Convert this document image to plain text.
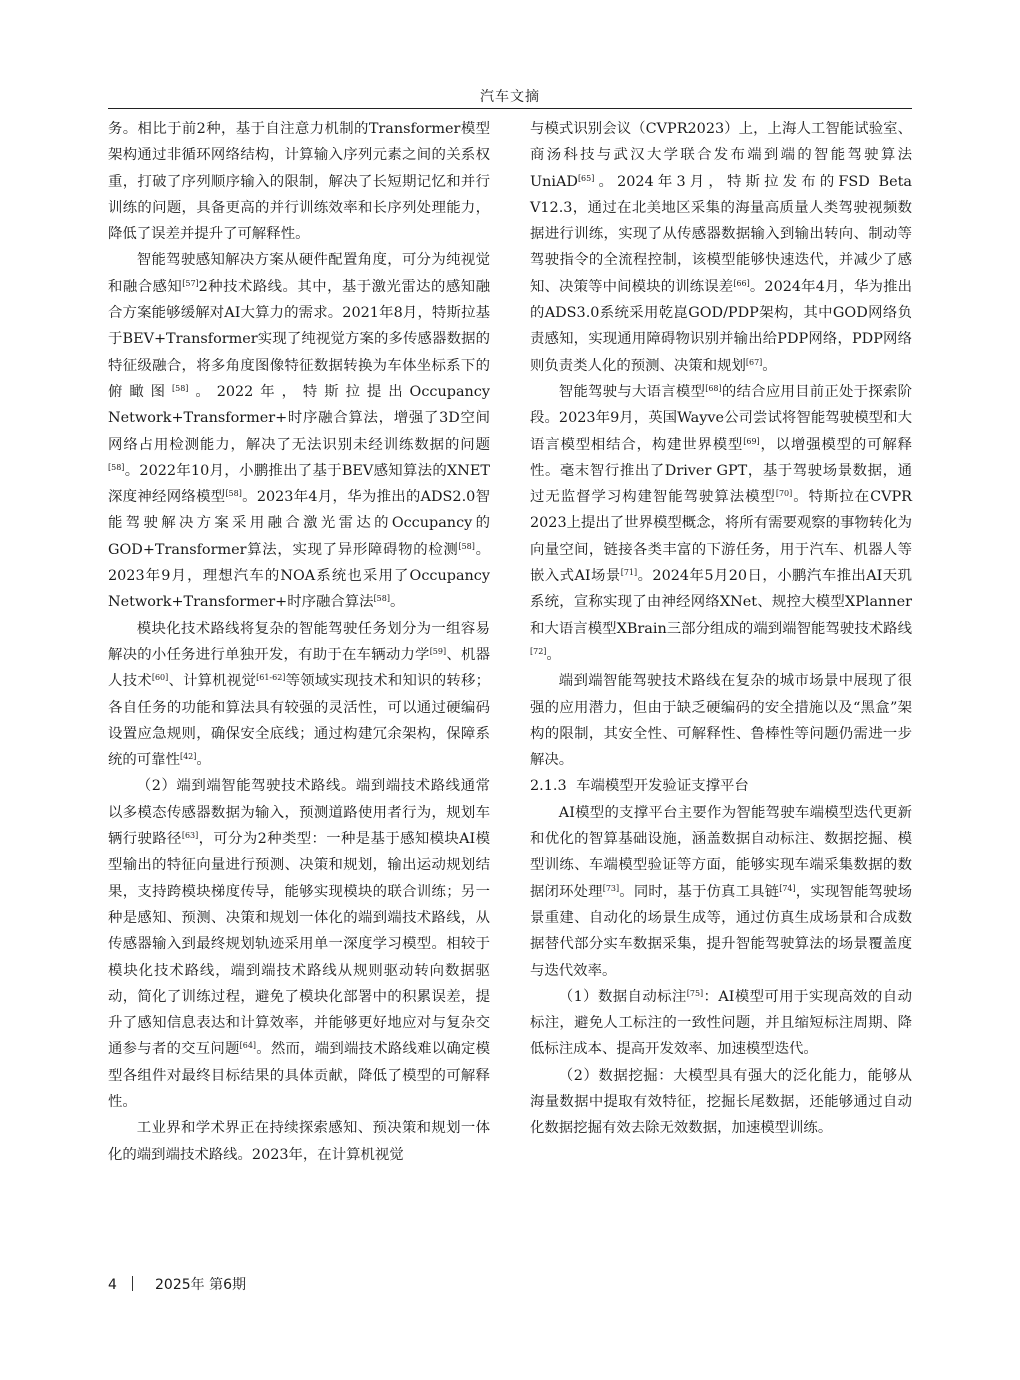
汽车文摘

务。相比于前2种，基于自注意力机制的Transformer模型架构通过非循环网络结构，计算输入序列元素之间的关系权重，打破了序列顺序输入的限制，解决了长短期记忆和并行训练的问题，具备更高的并行训练效率和长序列处理能力，降低了误差并提升了可解释性。

智能驾驶感知解决方案从硬件配置角度，可分为纯视觉和融合感知[57]2种技术路线。其中，基于激光雷达的感知融合方案能够缓解对AI大算力的需求。2021年8月，特斯拉基于BEV+Transformer实现了纯视觉方案的多传感器数据的特征级融合，将多角度图像特征数据转换为车体坐标系下的俯瞰图[58]。2022年，特斯拉提出Occupancy Network+Transformer+时序融合算法，增强了3D空间网络占用检测能力，解决了无法识别未经训练数据的问题[58]。2022年10月，小鹏推出了基于BEV感知算法的XNET深度神经网络模型[58]。2023年4月，华为推出的ADS2.0智能驾驶解决方案采用融合激光雷达的Occupancy的GOD+Transformer算法，实现了异形障碍物的检测[58]。2023年9月，理想汽车的NOA系统也采用了Occupancy Network+Transformer+时序融合算法[58]。

模块化技术路线将复杂的智能驾驶任务划分为一组容易解决的小任务进行单独开发，有助于在车辆动力学[59]、机器人技术[60]、计算机视觉[61-62]等领域实现技术和知识的转移；各自任务的功能和算法具有较强的灵活性，可以通过硬编码设置应急规则，确保安全底线；通过构建冗余架构，保障系统的可靠性[42]。

（2）端到端智能驾驶技术路线。端到端技术路线通常以多模态传感器数据为输入，预测道路使用者行为，规划车辆行驶路径[63]，可分为2种类型：一种是基于感知模块AI模型输出的特征向量进行预测、决策和规划，输出运动规划结果，支持跨模块梯度传导，能够实现模块的联合训练；另一种是感知、预测、决策和规划一体化的端到端技术路线，从传感器输入到最终规划轨迹采用单一深度学习模型。相较于模块化技术路线，端到端技术路线从规则驱动转向数据驱动，简化了训练过程，避免了模块化部署中的积累误差，提升了感知信息表达和计算效率，并能够更好地应对与复杂交通参与者的交互问题[64]。然而，端到端技术路线难以确定模型各组件对最终目标结果的具体贡献，降低了模型的可解释性。

工业界和学术界正在持续探索感知、预决策和规划一体化的端到端技术路线。2023年，在计算机视觉

与模式识别会议（CVPR2023）上，上海人工智能试验室、商汤科技与武汉大学联合发布端到端的智能驾驶算法UniAD[65]。2024年3月，特斯拉发布的FSD Beta V12.3，通过在北美地区采集的海量高质量人类驾驶视频数据进行训练，实现了从传感器数据输入到输出转向、制动等驾驶指令的全流程控制，该模型能够快速迭代，并减少了感知、决策等中间模块的训练误差[66]。2024年4月，华为推出的ADS3.0系统采用乾崑GOD/PDP架构，其中GOD网络负责感知，实现通用障碍物识别并输出给PDP网络，PDP网络则负责类人化的预测、决策和规划[67]。

智能驾驶与大语言模型[68]的结合应用目前正处于探索阶段。2023年9月，英国Wayve公司尝试将智能驾驶模型和大语言模型相结合，构建世界模型[69]，以增强模型的可解释性。毫末智行推出了Driver GPT，基于驾驶场景数据，通过无监督学习构建智能驾驶算法模型[70]。特斯拉在CVPR 2023上提出了世界模型概念，将所有需要观察的事物转化为向量空间，链接各类丰富的下游任务，用于汽车、机器人等嵌入式AI场景[71]。2024年5月20日，小鹏汽车推出AI天玑系统，宣称实现了由神经网络XNet、规控大模型XPlanner和大语言模型XBrain三部分组成的端到端智能驾驶技术路线[72]。

端到端智能驾驶技术路线在复杂的城市场景中展现了很强的应用潜力，但由于缺乏硬编码的安全措施以及“黑盒”架构的限制，其安全性、可解释性、鲁棒性等问题仍需进一步解决。

2.1.3 车端模型开发验证支撑平台

AI模型的支撑平台主要作为智能驾驶车端模型迭代更新和优化的智算基础设施，涵盖数据自动标注、数据挖掘、模型训练、车端模型验证等方面，能够实现车端采集数据的数据闭环处理[73]。同时，基于仿真工具链[74]，实现智能驾驶场景重建、自动化的场景生成等，通过仿真生成场景和合成数据替代部分实车数据采集，提升智能驾驶算法的场景覆盖度与迭代效率。

（1）数据自动标注[75]：AI模型可用于实现高效的自动标注，避免人工标注的一致性问题，并且缩短标注周期、降低标注成本、提高开发效率、加速模型迭代。

（2）数据挖掘：大模型具有强大的泛化能力，能够从海量数据中提取有效特征，挖掘长尾数据，还能够通过自动化数据挖掘有效去除无效数据，加速模型训练。

4	2025年 第6期
